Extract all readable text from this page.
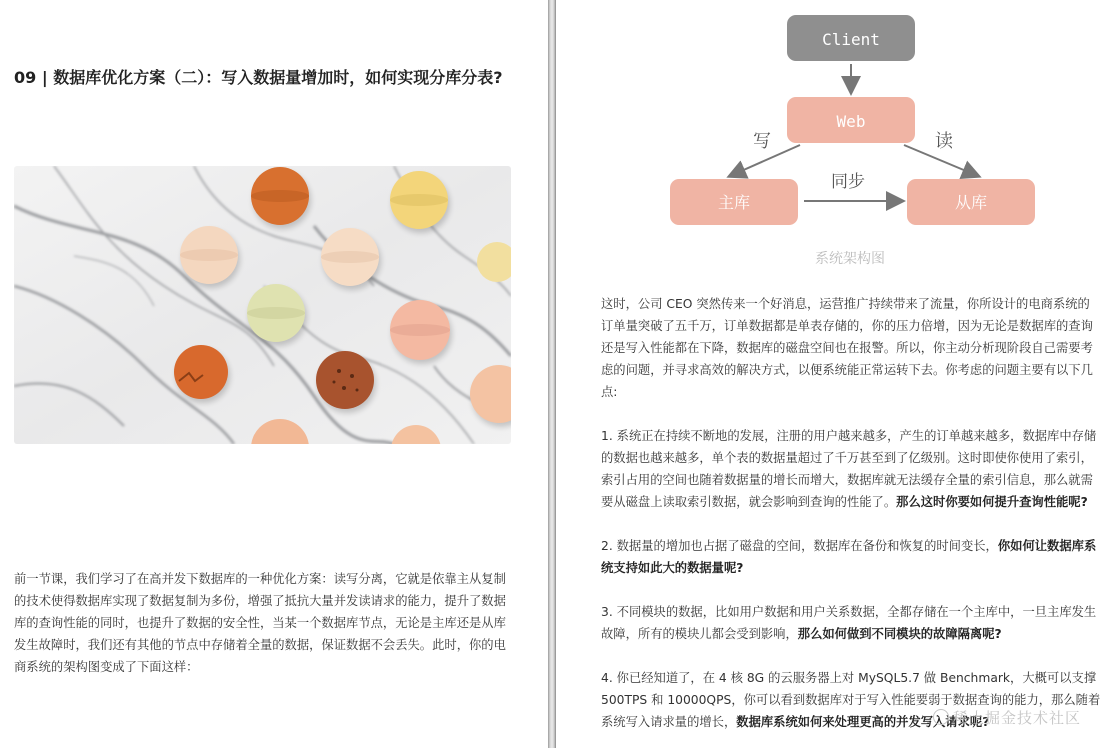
09 | 数据库优化方案（二）：写入数据量增加时，如何实现分库分表?

前一节课，我们学习了在高并发下数据库的一种优化方案：读写分离，它就是依靠主从复制的技术使得数据库实现了数据复制为多份，增强了抵抗大量并发读请求的能力，提升了数据库的查询性能的同时，也提升了数据的安全性，当某一个数据库节点，无论是主库还是从库发生故障时，我们还有其他的节点中存储着全量的数据，保证数据不会丢失。此时，你的电商系统的架构图变成了下面这样：

Client
Web
主库	从库
写	读
同步
系统架构图

这时，公司 CEO 突然传来一个好消息，运营推广持续带来了流量，你所设计的电商系统的订单量突破了五千万，订单数据都是单表存储的，你的压力倍增，因为无论是数据库的查询还是写入性能都在下降，数据库的磁盘空间也在报警。所以，你主动分析现阶段自己需要考虑的问题，并寻求高效的解决方式，以便系统能正常运转下去。你考虑的问题主要有以下几点:

1. 系统正在持续不断地的发展，注册的用户越来越多，产生的订单越来越多，数据库中存储的数据也越来越多，单个表的数据量超过了千万甚至到了亿级别。这时即使你使用了索引，索引占用的空间也随着数据量的增长而增大，数据库就无法缓存全量的索引信息，那么就需要从磁盘上读取索引数据，就会影响到查询的性能了。那么这时你要如何提升查询性能呢?

2. 数据量的增加也占据了磁盘的空间，数据库在备份和恢复的时间变长，你如何让数据库系统支持如此大的数据量呢?

3. 不同模块的数据，比如用户数据和用户关系数据，全都存储在一个主库中，一旦主库发生故障，所有的模块儿都会受到影响，那么如何做到不同模块的故障隔离呢?

4. 你已经知道了，在 4 核 8G 的云服务器上对 MySQL5.7 做 Benchmark，大概可以支撑 500TPS 和 10000QPS，你可以看到数据库对于写入性能要弱于数据查询的能力，那么随着系统写入请求量的增长，数据库系统如何来处理更高的并发写入请求呢?

稀土掘金技术社区
